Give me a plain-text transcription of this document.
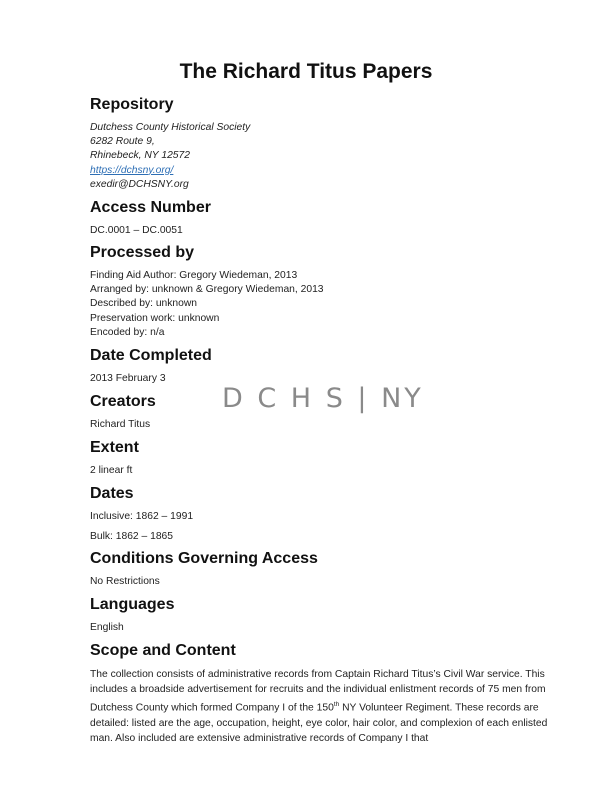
The Richard Titus Papers
Repository

Dutchess County Historical Society

6282 Route 9,

Rhinebeck, NY 12572

https://dchsny.org/

exedir@DCHSNY.org

Access Number

DC.0001 – DC.0051

Processed by

Finding Aid Author: Gregory Wiedeman, 2013

Arranged by: unknown & Gregory Wiedeman, 2013

Described by: unknown

Preservation work: unknown

Encoded by: n/a

Date Completed

2013 February 3

Creators

Richard Titus

Extent

2 linear ft

Dates

Inclusive: 1862 – 1991

Bulk: 1862 – 1865

Conditions Governing Access

No Restrictions

Languages

English

Scope and Content

The collection consists of administrative records from Captain Richard Titus’s Civil War service. This includes a broadside advertisement for recruits and the individual enlistment records of 75 men from Dutchess County which formed Company I of the 150th NY Volunteer Regiment. These records are detailed: listed are the age, occupation, height, eye color, hair color, and complexion of each enlisted man. Also included are extensive administrative records of Company I that

D C H S | NY
